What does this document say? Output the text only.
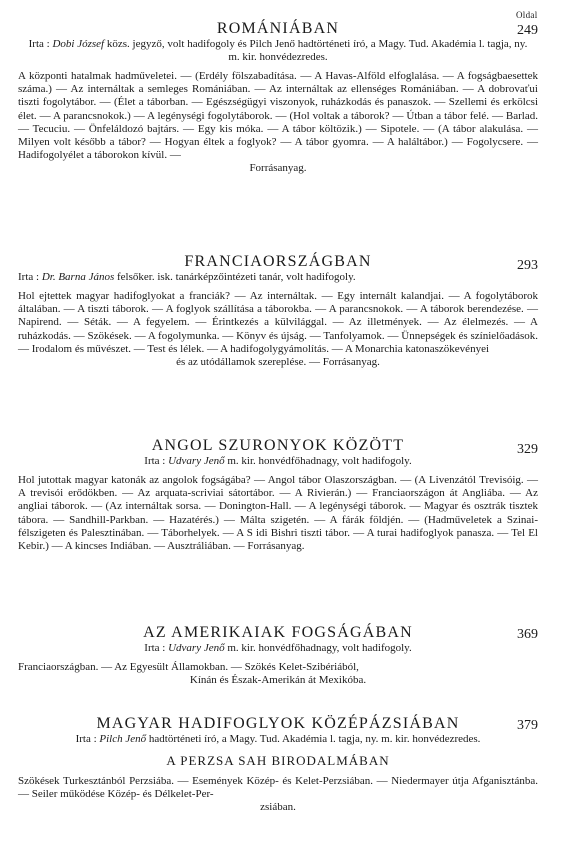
Oldal
ROMÁNIÁBAN	249
Irta : Dobi József közs. jegyző, volt hadifogoly és Pilch Jenő hadtörténeti író, a Magy. Tud. Akadémia l. tagja, ny. m. kir. honvédezredes.
A központi hatalmak hadműveletei. — (Erdély fölszabadítása. — A Havas-Alföld elfoglalása. — A fogságbaesettek száma.) — Az internáltak a semleges Romániában. — Az internáltak az ellenséges Romániában. — A dobrovaťui tiszti fogolytábor. — (Élet a táborban. — Egészségügyi viszonyok, ruházkodás és panaszok. — Szellemi és erkölcsi élet. — A parancsnokok.) — A legénységi fogolytáborok. — (Hol voltak a táborok? — Útban a tábor felé. — Barlad. — Tecuciu. — Önfeláldozó bajtárs. — Egy kis móka. — A tábor költözik.) — Sipotele. — (A tábor alakulása. — Milyen volt később a tábor? — Hogyan éltek a foglyok? — A tábor gyomra. — A haláltábor.) — Fogolycsere. — Hadifogolyélet a táborokon kívül. —
Forrásanyag.
FRANCIAORSZÁGBAN	293
Irta : Dr. Barna János felsőker. isk. tanárképzőintézeti tanár, volt hadifogoly.
Hol ejtettek magyar hadifoglyokat a franciák? — Az internáltak. — Egy internált kalandjai. — A fogolytáborok általában. — A tiszti táborok. — A foglyok szállítása a táborokba. — A parancsnokok. — A táborok berendezése. — Napirend. — Séták. — A fegyelem. — Érintkezés a külvilággal. — Az illetmények. — Az élelmezés. — A ruházkodás. — Szökések. — A fogolymunka. — Könyv és újság. — Tanfolyamok. — Ünnepségek és színielőadások. — Irodalom és művészet. — Test és lélek. — A hadifogolygyámolítás. — A Monarchia katonaszökevényei
és az utódállamok szereplése. — Forrásanyag.
ANGOL SZURONYOK KÖZÖTT	329
Irta : Udvary Jenő m. kir. honvédfőhadnagy, volt hadifogoly.
Hol jutottak magyar katonák az angolok fogságába? — Angol tábor Olaszországban. — (A Livenzától Trevisóig. — A trevisói erődökben. — Az arquata-scriviai sátortábor. — A Rivierán.) — Franciaországon át Angliába. — Az angliai táborok. — (Az internáltak sorsa. — Donington-Hall. — A legénységi táborok. — Magyar és osztrák tisztek tábora. — Sandhill-Parkban. — Hazatérés.) — Málta szigetén. — A fárák földjén. — (Hadműveletek a Szinai-félszigeten és Palesztinában. — Táborhelyek. — A S idi Bishri tiszti tábor. — A turai hadifoglyok panasza. — Tel El Kebir.) — A kincses Indiában. — Ausztráliában. — Forrásanyag.
AZ AMERIKAIAK FOGSÁGÁBAN	369
Irta : Udvary Jenő m. kir. honvédfőhadnagy, volt hadifogoly.
Franciaországban. — Az Egyesült Államokban. — Szökés Kelet-Szibériából,
Kínán és Észak-Amerikán át Mexikóba.
MAGYAR HADIFOGLYOK KÖZÉPÁZSIÁBAN	379
Irta : Pilch Jenő hadtörténeti író, a Magy. Tud. Akadémia l. tagja, ny. m. kir. honvédezredes.
A PERZSA SAH BIRODALMÁBAN
Szökések Turkesztánból Perzsiába. — Események Közép- és Kelet-Perzsiában. — Niedermayer útja Afganisztánba. — Seiler működése Közép- és Délkelet-Per-
zsiában.
